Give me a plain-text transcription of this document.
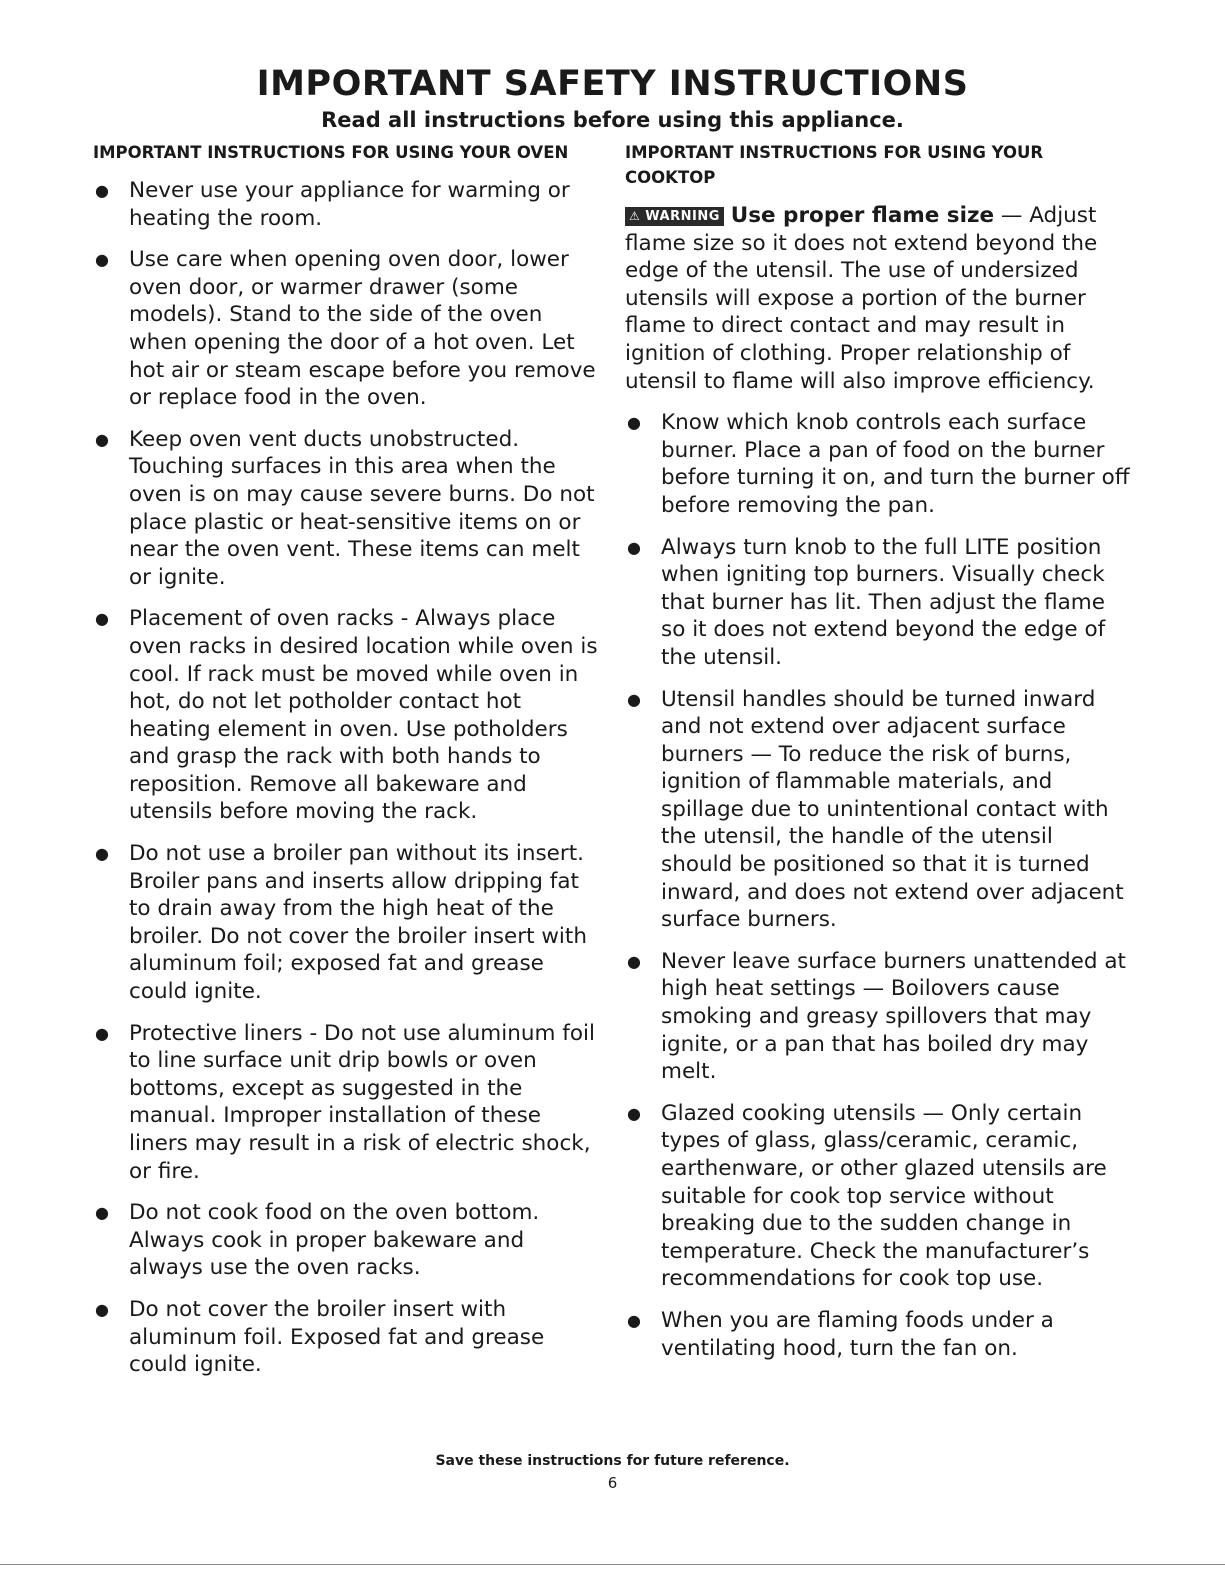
IMPORTANT SAFETY INSTRUCTIONS
Read all instructions before using this appliance.
IMPORTANT INSTRUCTIONS FOR USING YOUR OVEN
● Never use your appliance for warming or heating the room.
● Use care when opening oven door, lower oven door, or warmer drawer (some models). Stand to the side of the oven when opening the door of a hot oven. Let hot air or steam escape before you remove or replace food in the oven.
● Keep oven vent ducts unobstructed. Touching surfaces in this area when the oven is on may cause severe burns. Do not place plastic or heat-sensitive items on or near the oven vent. These items can melt or ignite.
● Placement of oven racks - Always place oven racks in desired location while oven is cool. If rack must be moved while oven in hot, do not let potholder contact hot heating element in oven. Use potholders and grasp the rack with both hands to reposition. Remove all bakeware and utensils before moving the rack.
● Do not use a broiler pan without its insert. Broiler pans and inserts allow dripping fat to drain away from the high heat of the broiler. Do not cover the broiler insert with aluminum foil; exposed fat and grease could ignite.
● Protective liners - Do not use aluminum foil to line surface unit drip bowls or oven bottoms, except as suggested in the manual. Improper installation of these liners may result in a risk of electric shock, or fire.
● Do not cook food on the oven bottom. Always cook in proper bakeware and always use the oven racks.
● Do not cover the broiler insert with aluminum foil. Exposed fat and grease could ignite.
IMPORTANT INSTRUCTIONS FOR USING YOUR COOKTOP

⚠ WARNING Use proper flame size — Adjust flame size so it does not extend beyond the edge of the utensil. The use of undersized utensils will expose a portion of the burner flame to direct contact and may result in ignition of clothing. Proper relationship of utensil to flame will also improve efficiency.

● Know which knob controls each surface burner. Place a pan of food on the burner before turning it on, and turn the burner off before removing the pan.
● Always turn knob to the full LITE position when igniting top burners. Visually check that burner has lit. Then adjust the flame so it does not extend beyond the edge of the utensil.
● Utensil handles should be turned inward and not extend over adjacent surface burners — To reduce the risk of burns, ignition of flammable materials, and spillage due to unintentional contact with the utensil, the handle of the utensil should be positioned so that it is turned inward, and does not extend over adjacent surface burners.
● Never leave surface burners unattended at high heat settings — Boilovers cause smoking and greasy spillovers that may ignite, or a pan that has boiled dry may melt.
● Glazed cooking utensils — Only certain types of glass, glass/ceramic, ceramic, earthenware, or other glazed utensils are suitable for cook top service without breaking due to the sudden change in temperature. Check the manufacturer’s recommendations for cook top use.
● When you are flaming foods under a ventilating hood, turn the fan on.
Save these instructions for future reference.
6
